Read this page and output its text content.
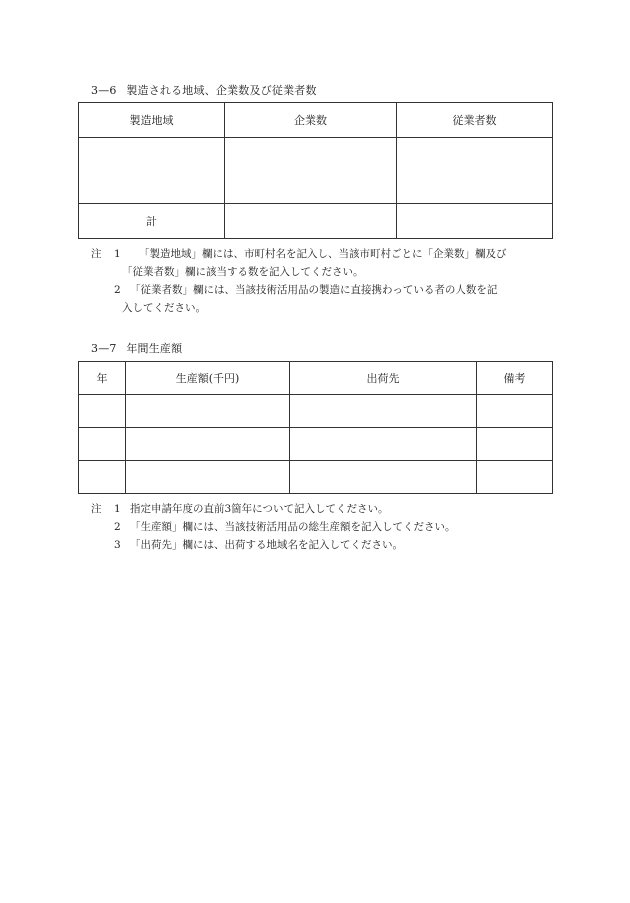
3—6 製造される地域、企業数及び従業者数
製造地域	企業数	従業者数

計		
注 1 「製造地域」欄には、市町村名を記入し、当該市町村ごとに「企業数」欄及び
「従業者数」欄に該当する数を記入してください。
2 「従業者数」欄には、当該技術活用品の製造に直接携わっている者の人数を記
入してください。
3—7 年間生産額
年	生産額(千円)	出荷先	備考

注 1 指定申請年度の直前3箇年について記入してください。
2 「生産額」欄には、当該技術活用品の総生産額を記入してください。
3 「出荷先」欄には、出荷する地域名を記入してください。
